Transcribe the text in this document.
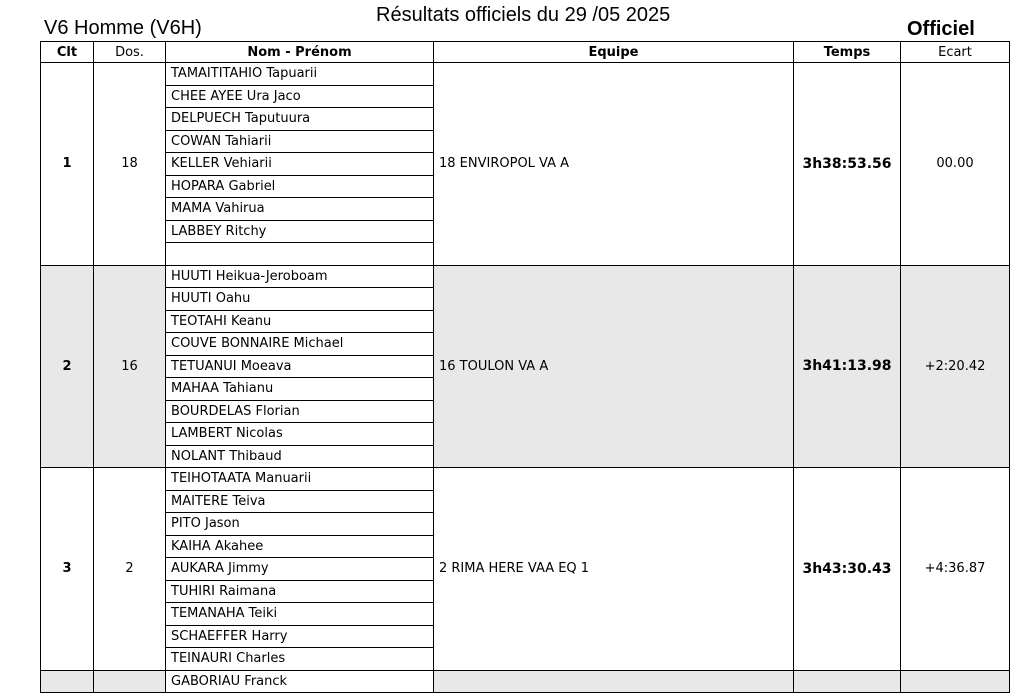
V6 Homme (V6H)
Résultats officiels du 29 /05 2025
Officiel
Clt	Dos.	Nom - Prénom	Equipe	Temps	Ecart
1	18	TAMAITITAHIO Tapuarii	18 ENVIROPOL VA A	3h38:53.56	00.00
		CHEE AYEE Ura Jaco			
		DELPUECH Taputuura			
		COWAN Tahiarii			
		KELLER Vehiarii			
		HOPARA Gabriel			
		MAMA Vahirua			
		LABBEY Ritchy			

2	16	HUUTI Heikua-Jeroboam	16 TOULON VA A	3h41:13.98	+2:20.42
		HUUTI Oahu			
		TEOTAHI Keanu			
		COUVE BONNAIRE Michael			
		TETUANUI Moeava			
		MAHAA Tahianu			
		BOURDELAS Florian			
		LAMBERT Nicolas			
		NOLANT Thibaud			
3	2	TEIHOTAATA Manuarii	2 RIMA HERE VAA EQ 1	3h43:30.43	+4:36.87
		MAITERE Teiva			
		PITO Jason			
		KAIHA Akahee			
		AUKARA Jimmy			
		TUHIRI Raimana			
		TEMANAHA Teiki			
		SCHAEFFER Harry			
		TEINAURI Charles			
		GABORIAU Franck			
